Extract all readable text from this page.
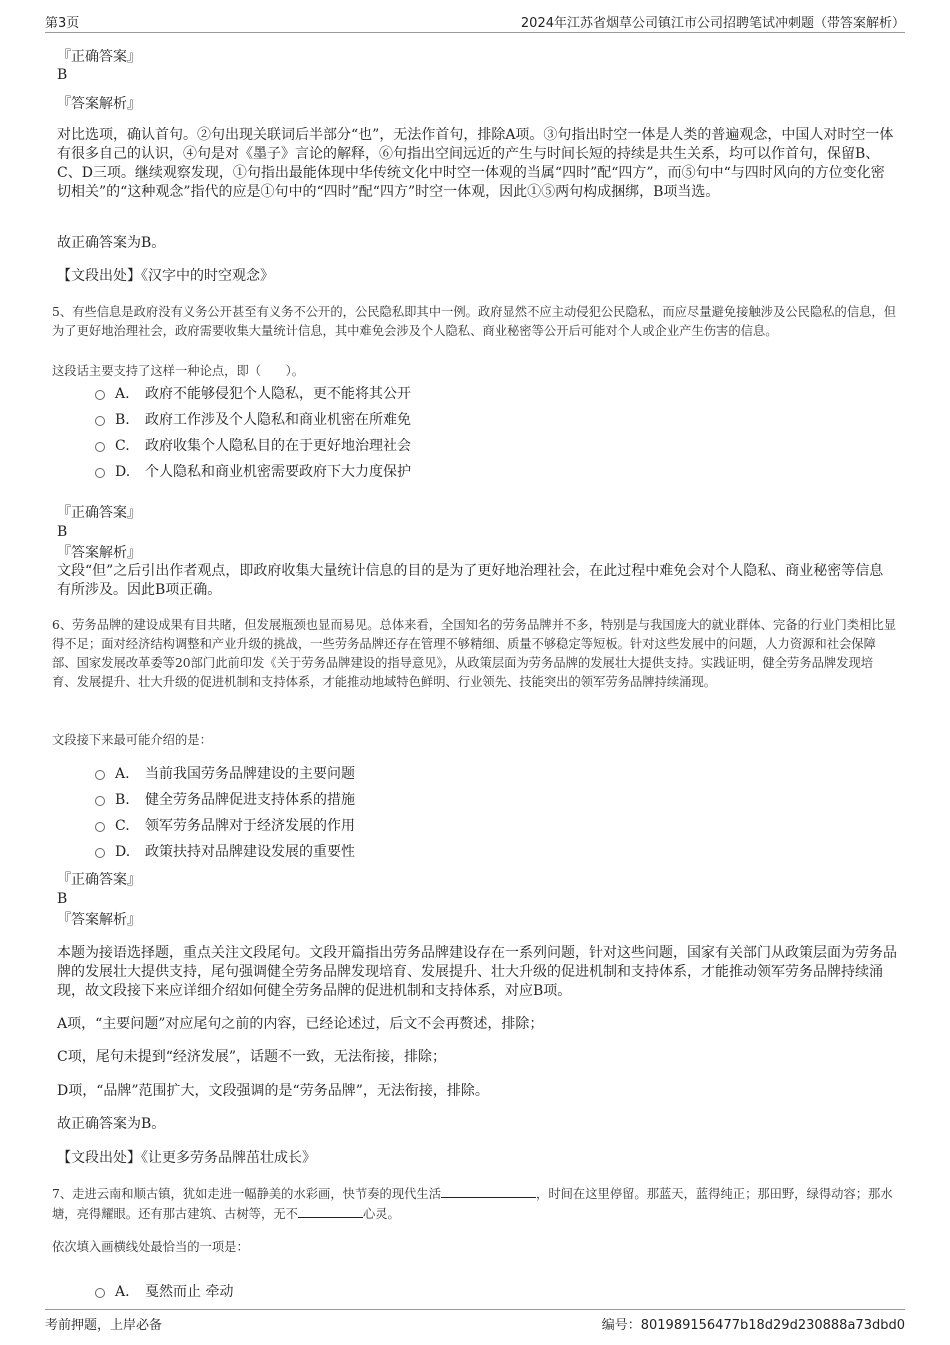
第3页	2024年江苏省烟草公司镇江市公司招聘笔试冲刺题（带答案解析）
『正确答案』
B
『答案解析』
对比选项，确认首句。②句出现关联词后半部分“也”，无法作首句，排除A项。③句指出时空一体是人类的普遍观念，中国人对时空一体有很多自己的认识，④句是对《墨子》言论的解释，⑥句指出空间远近的产生与时间长短的持续是共生关系，均可以作首句，保留B、C、D三项。继续观察发现，①句指出最能体现中华传统文化中时空一体观的当属“四时”配“四方”，而⑤句中“与四时风向的方位变化密切相关”的“这种观念”指代的应是①句中的“四时”配“四方”时空一体观，因此①⑤两句构成捆绑，B项当选。
故正确答案为B。
【文段出处】《汉字中的时空观念》
5、有些信息是政府没有义务公开甚至有义务不公开的，公民隐私即其中一例。政府显然不应主动侵犯公民隐私，而应尽量避免接触涉及公民隐私的信息，但为了更好地治理社会，政府需要收集大量统计信息，其中难免会涉及个人隐私、商业秘密等公开后可能对个人或企业产生伤害的信息。
这段话主要支持了这样一种论点，即（　　）。
A. 政府不能够侵犯个人隐私，更不能将其公开
B. 政府工作涉及个人隐私和商业机密在所难免
C. 政府收集个人隐私目的在于更好地治理社会
D. 个人隐私和商业机密需要政府下大力度保护
『正确答案』
B
『答案解析』
文段“但”之后引出作者观点，即政府收集大量统计信息的目的是为了更好地治理社会，在此过程中难免会对个人隐私、商业秘密等信息有所涉及。因此B项正确。
6、劳务品牌的建设成果有目共睹，但发展瓶颈也显而易见。总体来看，全国知名的劳务品牌并不多，特别是与我国庞大的就业群体、完备的行业门类相比显得不足；面对经济结构调整和产业升级的挑战，一些劳务品牌还存在管理不够精细、质量不够稳定等短板。针对这些发展中的问题，人力资源和社会保障部、国家发展改革委等20部门此前印发《关于劳务品牌建设的指导意见》，从政策层面为劳务品牌的发展壮大提供支持。实践证明，健全劳务品牌发现培育、发展提升、壮大升级的促进机制和支持体系，才能推动地域特色鲜明、行业领先、技能突出的领军劳务品牌持续涌现。
文段接下来最可能介绍的是：
A. 当前我国劳务品牌建设的主要问题
B. 健全劳务品牌促进支持体系的措施
C. 领军劳务品牌对于经济发展的作用
D. 政策扶持对品牌建设发展的重要性
『正确答案』
B
『答案解析』
本题为接语选择题，重点关注文段尾句。文段开篇指出劳务品牌建设存在一系列问题，针对这些问题，国家有关部门从政策层面为劳务品牌的发展壮大提供支持，尾句强调健全劳务品牌发现培育、发展提升、壮大升级的促进机制和支持体系，才能推动领军劳务品牌持续涌现，故文段接下来应详细介绍如何健全劳务品牌的促进机制和支持体系，对应B项。
A项，“主要问题”对应尾句之前的内容，已经论述过，后文不会再赘述，排除；
C项，尾句未提到“经济发展”，话题不一致，无法衔接，排除；
D项，“品牌”范围扩大，文段强调的是“劳务品牌”，无法衔接，排除。
故正确答案为B。
【文段出处】《让更多劳务品牌茁壮成长》
7、走进云南和顺古镇，犹如走进一幅静美的水彩画，快节奏的现代生活	，时间在这里停留。那蓝天，蓝得纯正；那田野，绿得动容；那水塘，亮得耀眼。还有那古建筑、古树等，无不	心灵。
依次填入画横线处最恰当的一项是：
A. 戛然而止 牵动
考前押题，上岸必备	编号：801989156477b18d29d230888a73dbd0
